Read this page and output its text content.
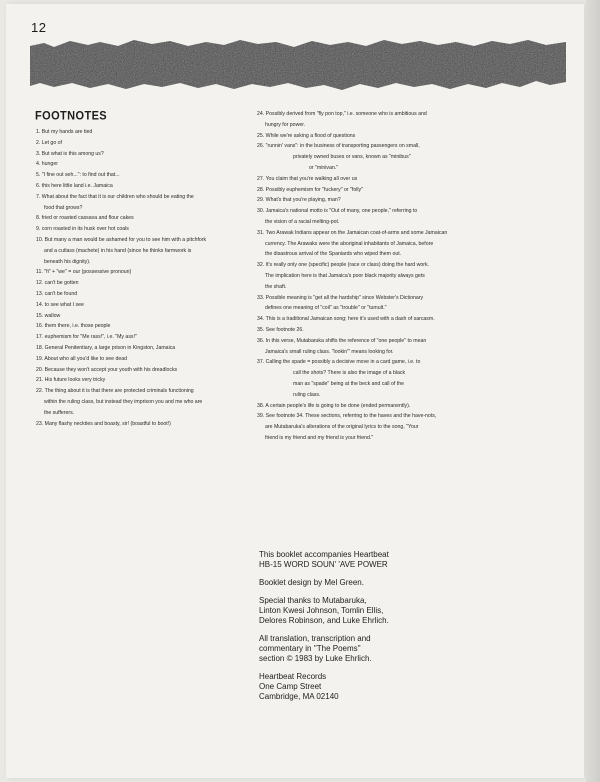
12
FOOTNOTES
1. But my hands are tied
2. Let go of
3. But what is this among us?
4. hunger
5. "I fine out seh...": to find out that...
6. this here little land i.e. Jamaica
7. What about the fact that it is our children who should be eating the
food that grows?
8. fried or roasted cassava and flour cakes
9. corn roasted in its husk over hot coals
10. But many a man would be ashamed for you to see him with a pitchfork
and a cutlass (machete) in his hand (since he thinks farmwork is
beneath his dignity).
11. "fi" + "we" = our (possessive pronoun)
12. can't be gotten
13. can't be found
14. to see what I see
15. wallow
16. them there, i.e. those people
17. euphemism for "Me rass!", i.e. "My ass!"
18. General Penitentiary, a large prison in Kingston, Jamaica
19. About who all you'd like to see dead
20. Because they won't accept your youth with his dreadlocks
21. His future looks very tricky
22. The thing about it is that there are protected criminals functioning
within the ruling class, but instead they imprison you and me who are
the sufferers.
23. Many flashy neckties and boasty, sir! (boastful to boot!)
24. Possibly derived from "fly pon top," i.e. someone who is ambitious and
hungry for power.
25. While we're asking a flood of questions
26. "runnin' vans": in the business of transporting passengers on small,
privately owned buses or vans, known as "minibus"
or "minivan."
27. You claim that you're walking all over us
28. Possibly euphemism for "fuckery" or "folly"
29. What's that you're playing, man?
30. Jamaica's national motto is "Out of many, one people," referring to
the vision of a racial melting-pot.
31. Two Arawak Indians appear on the Jamaican coat-of-arms and some Jamaican
currency. The Arawaks were the aboriginal inhabitants of Jamaica, before
the disastrous arrival of the Spaniards who wiped them out.
32. It's really only one (specific) people (race or class) doing the hard work.
The implication here is that Jamaica's poor black majority always gets
the shaft.
33. Possible meaning is "get all the hardship" since Webster's Dictionary
defines one meaning of "coil" as "trouble" or "tumult."
34. This is a traditional Jamaican song; here it's used with a dash of sarcasm.
35. See footnote 26.
36. In this verse, Mutabaruka shifts the reference of "one people" to mean
Jamaica's small ruling class. "lookin'" means looking for.
37. Calling the spade = possibly a decisive move in a card game, i.e. to
call the shots? There is also the image of a black
man as "spade" being at the beck and call of the
ruling class.
38. A certain people's life is going to be done (ended permanently).
39. See footnote 34. These sections, referring to the haves and the have-nots,
are Mutabaruka's alterations of the original lyrics to the song, "Your
friend is my friend and my friend is your friend."

This booklet accompanies Heartbeat
HB-15 WORD SOUN' 'AVE POWER

Booklet design by Mel Green.

Special thanks to Mutabaruka,
Linton Kwesi Johnson, Tomlin Ellis,
Delores Robinson, and Luke Ehrlich.

All translation, transcription and
commentary in ''The Poems''
section © 1983 by Luke Ehrlich.

Heartbeat Records
One Camp Street
Cambridge, MA 02140
